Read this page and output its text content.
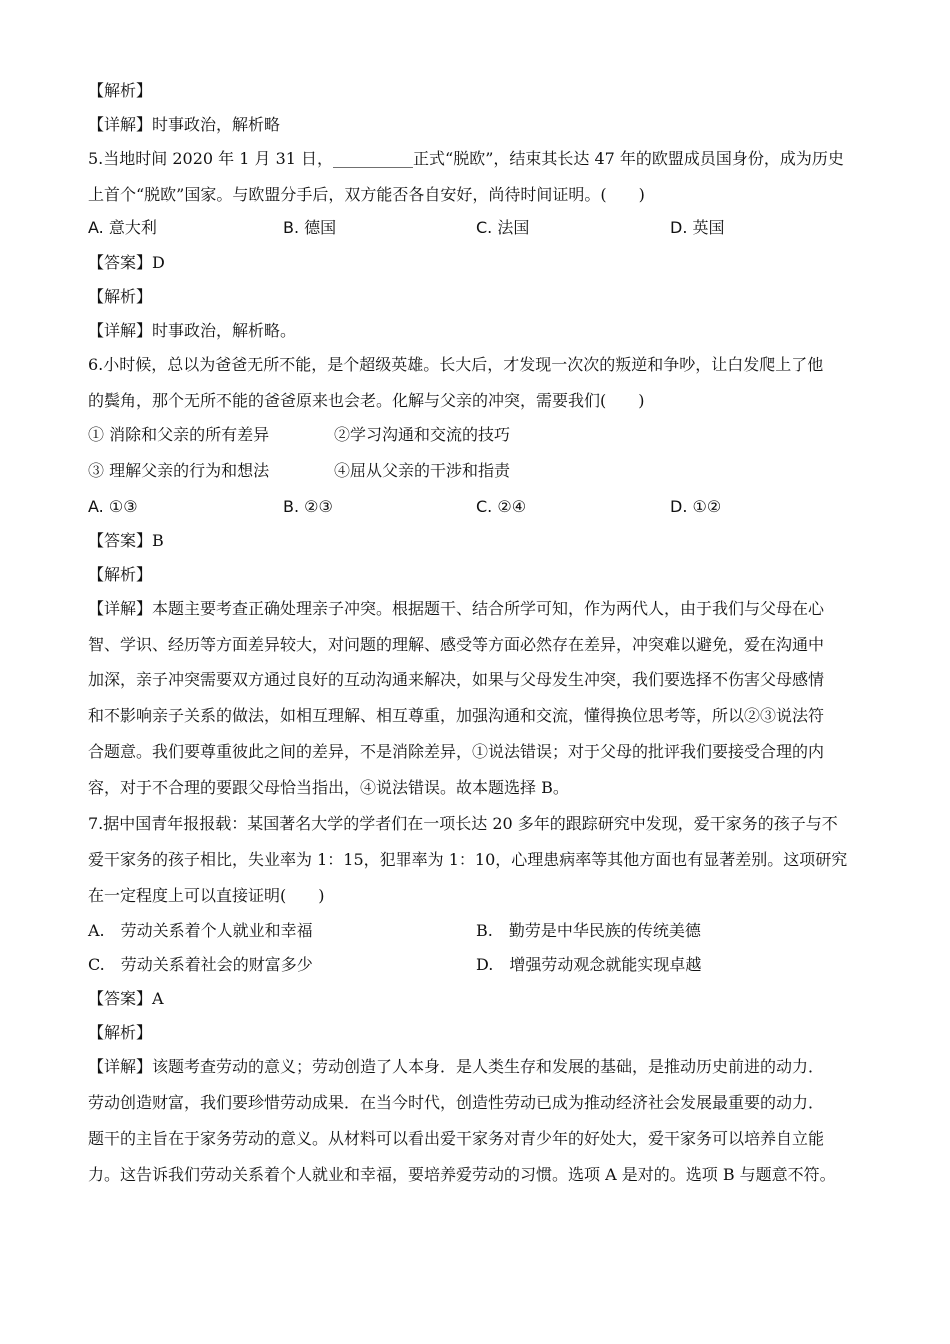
【解析】
【详解】时事政治，解析略
5.当地时间 2020 年 1 月 31 日，__________正式“脱欧”，结束其长达 47 年的欧盟成员国身份，成为历史
上首个“脱欧”国家。与欧盟分手后，双方能否各自安好，尚待时间证明。(　　)
A. 意大利	B. 德国	C. 法国	D. 英国
【答案】D
【解析】
【详解】时事政治，解析略。
6.小时候，总以为爸爸无所不能，是个超级英雄。长大后，才发现一次次的叛逆和争吵，让白发爬上了他
的鬓角，那个无所不能的爸爸原来也会老。化解与父亲的冲突，需要我们(　　)
① 消除和父亲的所有差异	②学习沟通和交流的技巧
③ 理解父亲的行为和想法	④屈从父亲的干涉和指责
A. ①③	B. ②③	C. ②④	D. ①②
【答案】B
【解析】
【详解】本题主要考查正确处理亲子冲突。根据题干、结合所学可知，作为两代人，由于我们与父母在心
智、学识、经历等方面差异较大，对问题的理解、感受等方面必然存在差异，冲突难以避免，爱在沟通中
加深，亲子冲突需要双方通过良好的互动沟通来解决，如果与父母发生冲突，我们要选择不伤害父母感情
和不影响亲子关系的做法，如相互理解、相互尊重，加强沟通和交流，懂得换位思考等，所以②③说法符
合题意。我们要尊重彼此之间的差异，不是消除差异，①说法错误；对于父母的批评我们要接受合理的内
容，对于不合理的要跟父母恰当指出，④说法错误。故本题选择 B。
7.据中国青年报报载：某国著名大学的学者们在一项长达 20 多年的跟踪研究中发现，爱干家务的孩子与不
爱干家务的孩子相比，失业率为 1：15，犯罪率为 1：10，心理患病率等其他方面也有显著差别。这项研究
在一定程度上可以直接证明(　　)
A.　劳动关系着个人就业和幸福	B.　勤劳是中华民族的传统美德
C.　劳动关系着社会的财富多少	D.　增强劳动观念就能实现卓越
【答案】A
【解析】
【详解】该题考查劳动的意义；劳动创造了人本身．是人类生存和发展的基础，是推动历史前进的动力．
劳动创造财富，我们要珍惜劳动成果．在当今时代，创造性劳动已成为推动经济社会发展最重要的动力．
题干的主旨在于家务劳动的意义。从材料可以看出爱干家务对青少年的好处大，爱干家务可以培养自立能
力。这告诉我们劳动关系着个人就业和幸福，要培养爱劳动的习惯。选项 A 是对的。选项 B 与题意不符。
